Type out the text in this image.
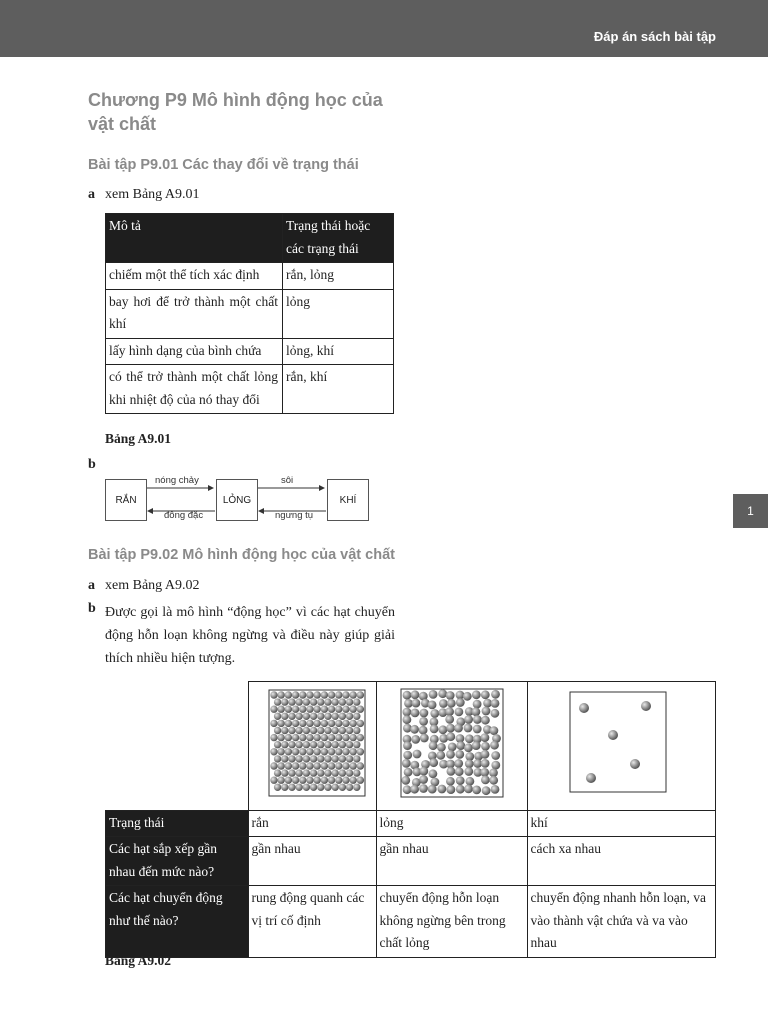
Đáp án sách bài tập
1
Chương P9 Mô hình động học của vật chất
Bài tập P9.01 Các thay đổi về trạng thái
a xem Bảng A9.01
Mô tả	Trạng thái hoặc các trạng thái
chiếm một thể tích xác định	rắn, lỏng
bay hơi để trở thành một chất khí	lỏng
lấy hình dạng của bình chứa	lỏng, khí
có thể trở thành một chất lỏng khi nhiệt độ của nó thay đổi	rắn, khí
Bảng A9.01
b
RẮN	LỎNG	KHÍ
nóng chảy	sôi
đông đặc	ngưng tụ
Bài tập P9.02 Mô hình động học của vật chất
a xem Bảng A9.02
b Được gọi là mô hình “động học” vì các hạt chuyển động hỗn loạn không ngừng và điều này giúp giải thích nhiều hiện tượng.

Trạng thái	rắn	lỏng	khí
Các hạt sắp xếp gần nhau đến mức nào?	gần nhau	gần nhau	cách xa nhau
Các hạt chuyển động như thế nào?	rung động quanh các vị trí cố định	chuyển động hỗn loạn không ngừng bên trong chất lỏng	chuyển động nhanh hỗn loạn, va vào thành vật chứa và va vào nhau
Bảng A9.02
